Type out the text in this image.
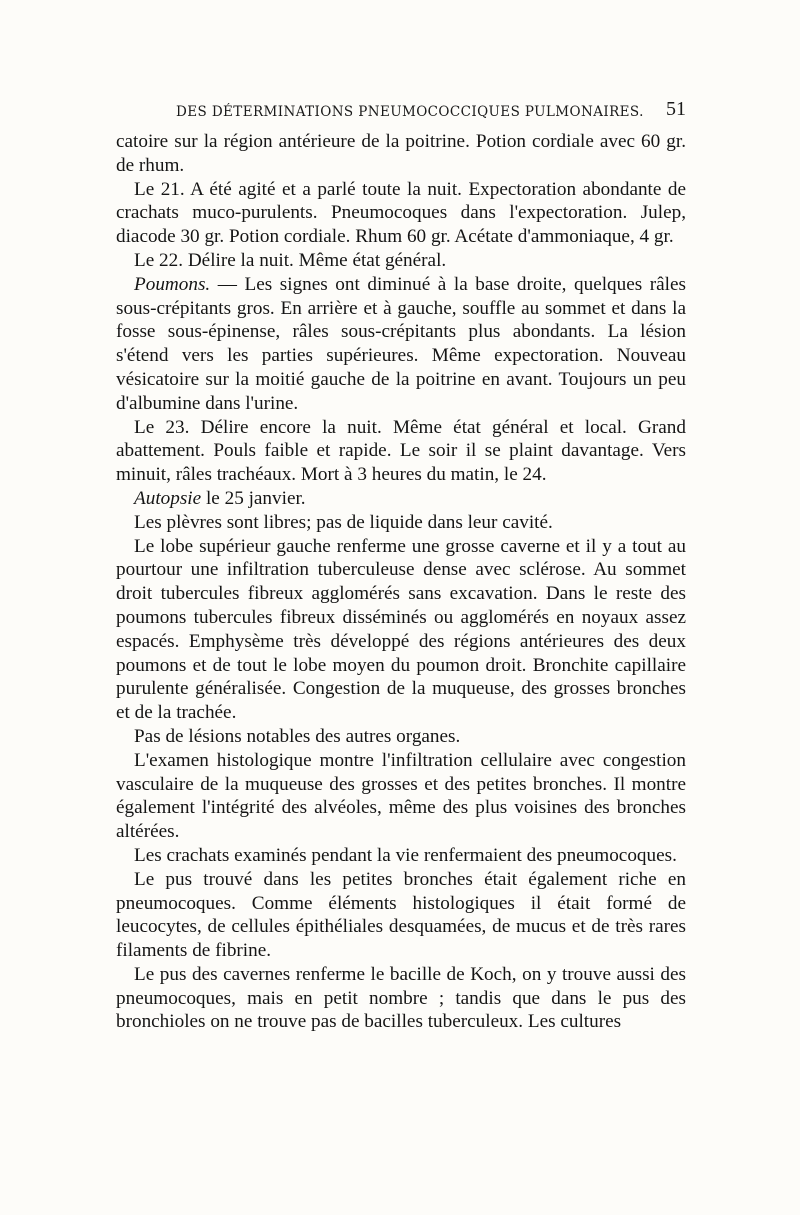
DES DÉTERMINATIONS PNEUMOCOCCIQUES PULMONAIRES. 51

catoire sur la région antérieure de la poitrine. Potion cordiale avec 60 gr. de rhum.

Le 21. A été agité et a parlé toute la nuit. Expectoration abondante de crachats muco-purulents. Pneumocoques dans l'expectoration. Julep, diacode 30 gr. Potion cordiale. Rhum 60 gr. Acétate d'ammoniaque, 4 gr.

Le 22. Délire la nuit. Même état général.

Poumons. — Les signes ont diminué à la base droite, quelques râles sous-crépitants gros. En arrière et à gauche, souffle au sommet et dans la fosse sous-épinense, râles sous-crépitants plus abondants. La lésion s'étend vers les parties supérieures. Même expectoration. Nouveau vésicatoire sur la moitié gauche de la poitrine en avant. Toujours un peu d'albumine dans l'urine.

Le 23. Délire encore la nuit. Même état général et local. Grand abattement. Pouls faible et rapide. Le soir il se plaint davantage. Vers minuit, râles trachéaux. Mort à 3 heures du matin, le 24.

Autopsie le 25 janvier.

Les plèvres sont libres; pas de liquide dans leur cavité.

Le lobe supérieur gauche renferme une grosse caverne et il y a tout au pourtour une infiltration tuberculeuse dense avec sclérose. Au sommet droit tubercules fibreux agglomérés sans excavation. Dans le reste des poumons tubercules fibreux disséminés ou agglomérés en noyaux assez espacés. Emphysème très développé des régions antérieures des deux poumons et de tout le lobe moyen du poumon droit. Bronchite capillaire purulente généralisée. Congestion de la muqueuse, des grosses bronches et de la trachée.

Pas de lésions notables des autres organes.

L'examen histologique montre l'infiltration cellulaire avec congestion vasculaire de la muqueuse des grosses et des petites bronches. Il montre également l'intégrité des alvéoles, même des plus voisines des bronches altérées.

Les crachats examinés pendant la vie renfermaient des pneumocoques.

Le pus trouvé dans les petites bronches était également riche en pneumocoques. Comme éléments histologiques il était formé de leucocytes, de cellules épithéliales desquamées, de mucus et de très rares filaments de fibrine.

Le pus des cavernes renferme le bacille de Koch, on y trouve aussi des pneumocoques, mais en petit nombre ; tandis que dans le pus des bronchioles on ne trouve pas de bacilles tuberculeux. Les cultures
